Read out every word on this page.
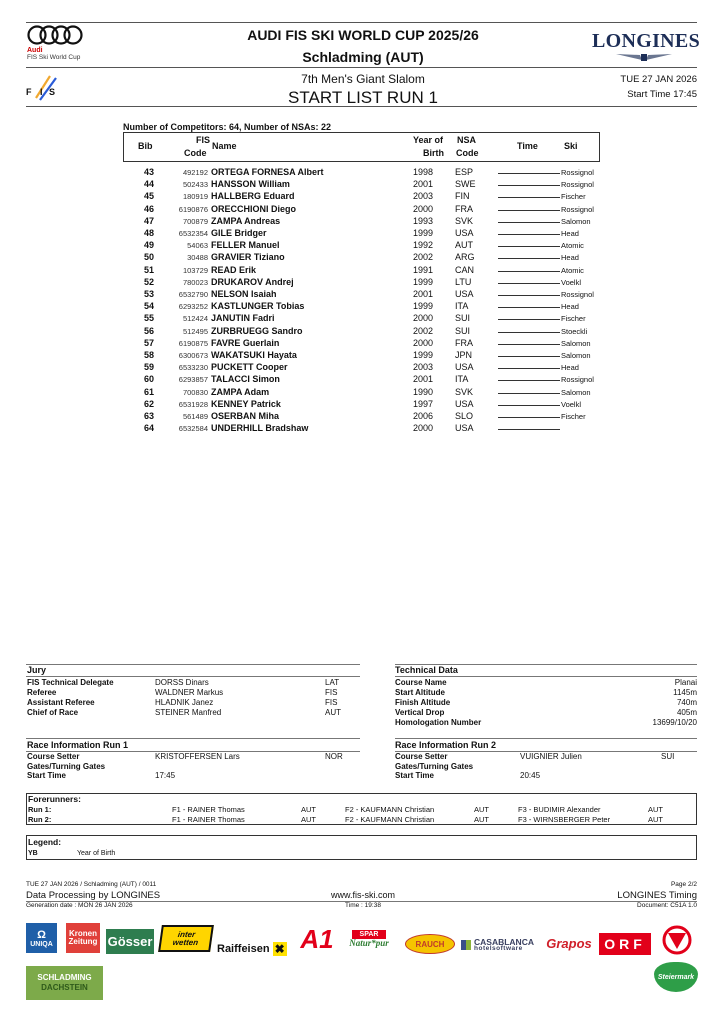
Audi
FIS Ski World Cup
AUDI FIS SKI WORLD CUP 2025/26
Schladming (AUT)
LONGINES
F I S
7th Men's Giant Slalom
START LIST RUN 1
TUE 27 JAN 2026
Start Time 17:45
Number of Competitors: 64, Number of NSAs: 22
Bib
FIS
Code
Name
Year of
Birth
NSA
Code
Time	Ski
43	492192 ORTEGA FORNESA Albert	1998 ESP	Rossignol
44	502433 HANSSON William	2001 SWE	Rossignol
45	180919 HALLBERG Eduard	2003 FIN	Fischer
46	6190876 ORECCHIONI Diego	2000 FRA	Rossignol
47	700879 ZAMPA Andreas	1993 SVK	Salomon
48	6532354 GILE Bridger	1999 USA	Head
49	54063 FELLER Manuel	1992 AUT	Atomic
50	30488 GRAVIER Tiziano	2002 ARG	Head
51	103729 READ Erik	1991 CAN	Atomic
52	780023 DRUKAROV Andrej	1999 LTU	Voelkl
53	6532790 NELSON Isaiah	2001 USA	Rossignol
54	6293252 KASTLUNGER Tobias	1999 ITA	Head
55	512424 JANUTIN Fadri	2000 SUI	Fischer
56	512495 ZURBRUEGG Sandro	2002 SUI	Stoeckli
57	6190875 FAVRE Guerlain	2000 FRA	Salomon
58	6300673 WAKATSUKI Hayata	1999 JPN	Salomon
59	6533230 PUCKETT Cooper	2003 USA	Head
60	6293857 TALACCI Simon	2001 ITA	Rossignol
61	700830 ZAMPA Adam	1990 SVK	Salomon
62	6531928 KENNEY Patrick	1997 USA	Voelkl
63	561489 OSERBAN Miha	2006 SLO	Fischer
64	6532584 UNDERHILL Bradshaw	2000 USA
Jury
FIS Technical Delegate	DORSS Dinars	LAT
Referee	WALDNER Markus	FIS
Assistant Referee	HLADNIK Janez	FIS
Chief of Race	STEINER Manfred	AUT
Technical Data
Course Name	Planai
Start Altitude	1145m
Finish Altitude	740m
Vertical Drop	405m
Homologation Number	13699/10/20
Race Information Run 1
Course Setter	KRISTOFFERSEN Lars	NOR
Gates/Turning Gates
Start Time	17:45
Race Information Run 2
Course Setter	VUIGNIER Julien	SUI
Gates/Turning Gates
Start Time	20:45
Forerunners:
Run 1:	F1 - RAINER Thomas	AUT	F2 - KAUFMANN Christian	AUT	F3 - BUDIMIR Alexander	AUT
Run 2:	F1 - RAINER Thomas	AUT	F2 - KAUFMANN Christian	AUT	F3 - WIRNSBERGER Peter	AUT
Legend:
YB	Year of Birth
TUE 27 JAN 2026 / Schladming (AUT) / 0011	Page 2/2
Data Processing by LONGINES	www.fis-ski.com	LONGINES Timing
Generation date : MON 26 JAN 2026	Time : 19:38	Document: C51A 1.0
Ω
UNIQA
Kronen
Zeitung Gösser	inter
wetten
Raiffeisen ✖ A1	SPAR
Natur*pur	RAUCH	CASABLANCA
hotelsoftware	Grapos ORF
SCHLADMING
DACHSTEIN
Steiermark
